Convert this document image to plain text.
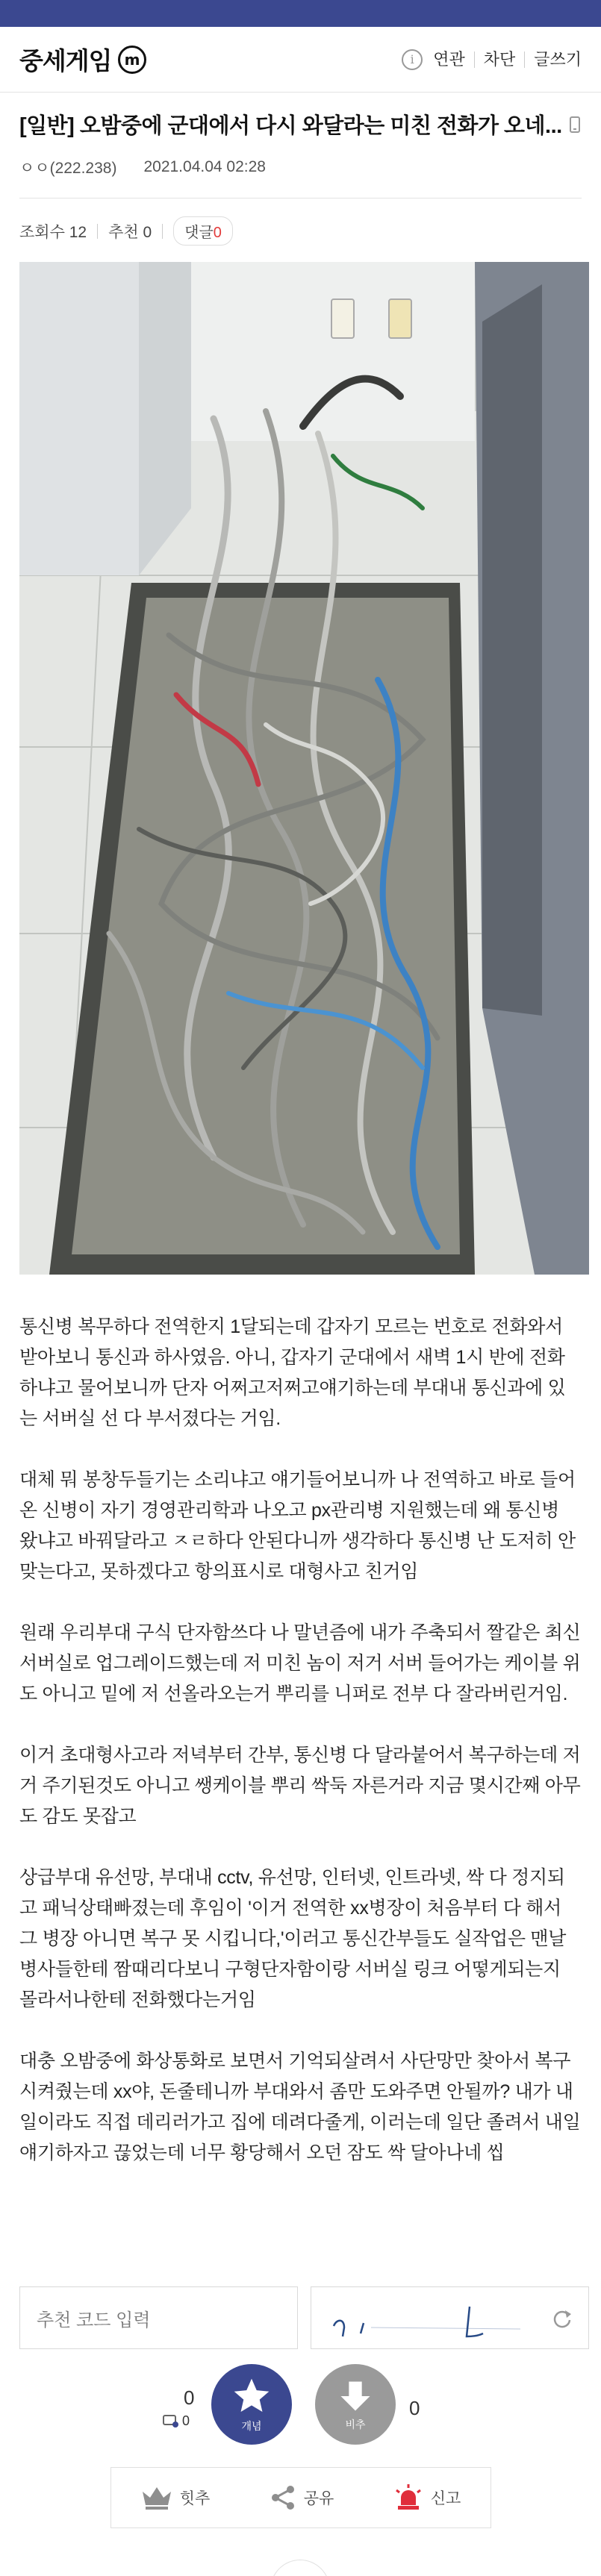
중세게임 m	i	연관	차단	글쓰기
[일반] 오밤중에 군대에서 다시 와달라는 미친 전화가 오네...
ㅇㅇ(222.238) 2021.04.04 02:28
조회수 12 추천 0	댓글0

통신병 복무하다 전역한지 1달되는데 갑자기 모르는 번호로 전화와서 받아보니 통신과 하사였음. 아니, 갑자기 군대에서 새벽 1시 반에 전화하냐고 물어보니까 단자 어쩌고저쩌고얘기하는데 부대내 통신과에 있는 서버실 선 다 부서졌다는 거임.

대체 뭐 봉창두들기는 소리냐고 얘기들어보니까 나 전역하고 바로 들어온 신병이 자기 경영관리학과 나오고 px관리병 지원했는데 왜 통신병 왔냐고 바꿔달라고 ㅈㄹ하다 안된다니까 생각하다 통신병 난 도저히 안 맞는다고, 못하겠다고 항의표시로 대형사고 친거임

원래 우리부대 구식 단자함쓰다 나 말년즘에 내가 주축되서 짤같은 최신 서버실로 업그레이드했는데 저 미친 놈이 저거 서버 들어가는 케이블 위도 아니고 밑에 저 선올라오는거 뿌리를 니퍼로 전부 다 잘라버린거임.

이거 초대형사고라 저녁부터 간부, 통신병 다 달라붙어서 복구하는데 저거 주기된것도 아니고 쌩케이블 뿌리 싹둑 자른거라 지금 몇시간째 아무도 감도 못잡고

상급부대 유선망, 부대내 cctv, 유선망, 인터넷, 인트라넷, 싹 다 정지되고 패닉상태빠졌는데 후임이 '이거 전역한 xx병장이 처음부터 다 해서 그 병장 아니면 복구 못 시킵니다,'이러고 통신간부들도 실작업은 맨날 병사들한테 짬때리다보니 구형단자함이랑 서버실 링크 어떻게되는지 몰라서나한테 전화했다는거임

대충 오밤중에 화상통화로 보면서 기억되살려서 사단망만 찾아서 복구시켜줬는데 xx야, 돈줄테니까 부대와서 좀만 도와주면 안될까? 내가 내일이라도 직접 데리러가고 집에 데려다줄게, 이러는데 일단 졸려서 내일 얘기하자고 끊었는데 너무 황당해서 오던 잠도 싹 달아나네 씹

추천 코드 입력
0
0	개념	비추
0
힛추	공유	신고
